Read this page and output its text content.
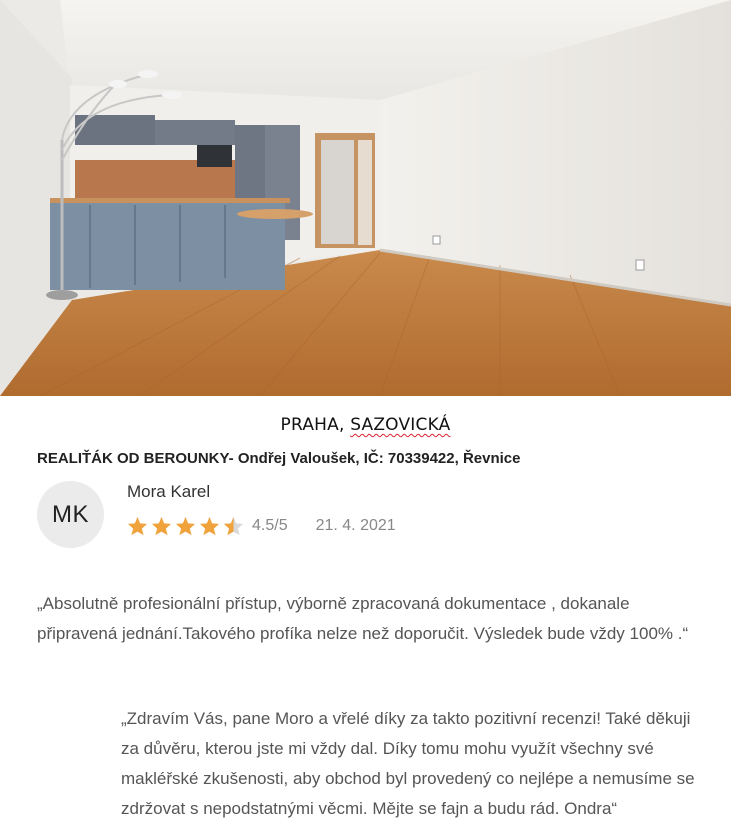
PRAHA, SAZOVICKÁ
REALIŤÁK OD BEROUNKY- Ondřej Valoušek, IČ: 70339422, Řevnice
MK
Mora Karel
4.5/5 21. 4. 2021

„Absolutně profesionální přístup, výborně zpracovaná dokumentace , dokanale připravená jednání.Takového profíka nelze než doporučit. Výsledek bude vždy 100% .“

„Zdravím Vás, pane Moro a vřelé díky za takto pozitivní recenzi! Také děkuji za důvěru, kterou jste mi vždy dal. Díky tomu mohu využít všechny své makléřské zkušenosti, aby obchod byl provedený co nejlépe a nemusíme se zdržovat s nepodstatnými věcmi. Mějte se fajn a budu rád. Ondra“
